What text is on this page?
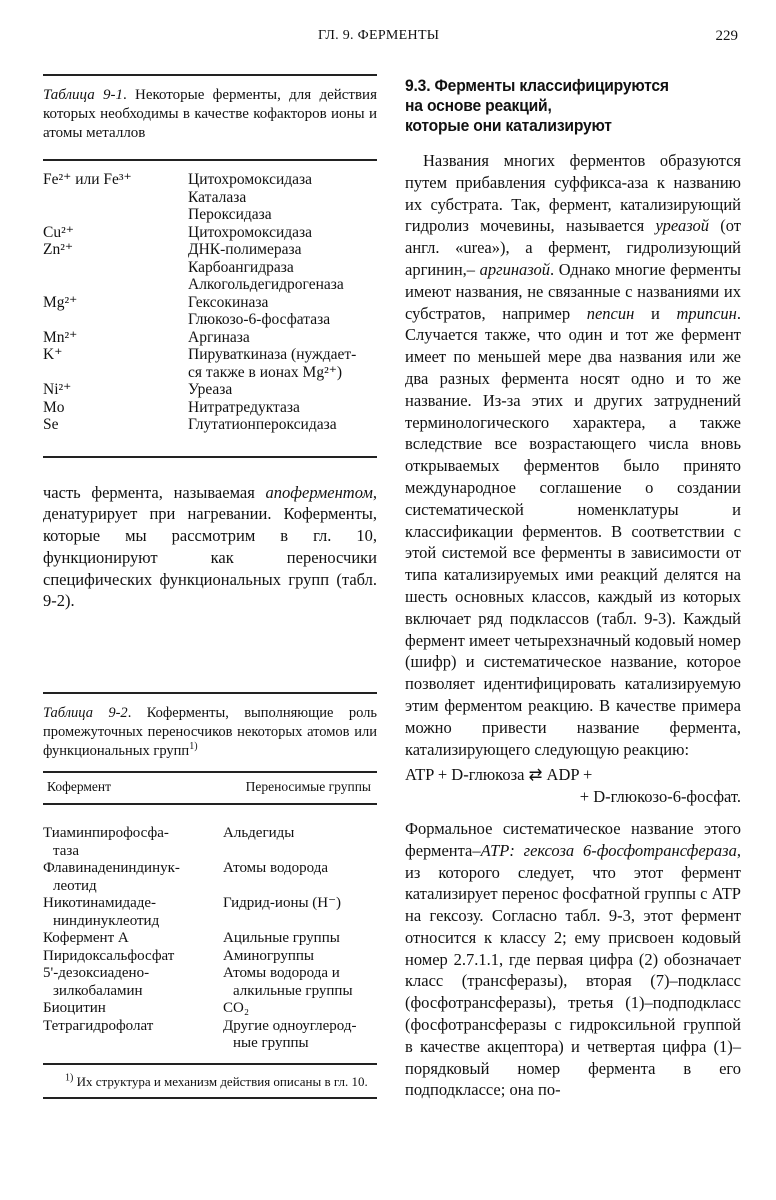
ГЛ. 9. ФЕРМЕНТЫ	229
Таблица 9-1. Некоторые ферменты, для действия которых необходимы в качестве кофакторов ионы и атомы металлов
Fe²⁺ или Fe³⁺	Цитохромоксидаза
	Каталаза
	Пероксидаза
Cu²⁺	Цитохромоксидаза
Zn²⁺	ДНК-полимераза
	Карбоангидраза
	Алкогольдегидрогеназа
Mg²⁺	Гексокиназа
	Глюкозо-6-фосфатаза
Mn²⁺	Аргиназа
K⁺	Пируваткиназа (нуждает-
	ся также в ионах Mg²⁺)
Ni²⁺	Уреаза
Mo	Нитратредуктаза
Se	Глутатионпероксидаза
часть фермента, называемая апоферментом, денатурирует при нагревании. Коферменты, которые мы рассмотрим в гл. 10, функционируют как переносчики специфических функциональных групп (табл. 9-2).
Таблица 9-2. Коферменты, выполняющие роль промежуточных переносчиков некоторых атомов или функциональных групп$^{1)}$
Кофермент	Переносимые группы
Тиаминпирофосфа-
таза	Альдегиды

Флавинадениндинук-
леотид	Атомы водорода

Никотинамидаде-
ниндинуклеотид	Гидрид-ионы (Н⁻)

Кофермент А	Ацильные группы

Пиридоксальфосфат	Аминогруппы

5'-дезоксиадено-
зилкобаламин	Атомы водорода и
алкильные группы

Биоцитин	CO₂

Тетрагидрофолат	Другие одноуглерод-
ные группы
$^{1)}$ Их структура и механизм действия описаны в гл. 10.
9.3. Ферменты классифицируются
на основе реакций,
которые они катализируют
Названия многих ферментов образуются путем прибавления суффикса-аза к названию их субстрата. Так, фермент, катализирующий гидролиз мочевины, называется уреазой (от англ. «urea»), а фермент, гидролизующий аргинин,– аргиназой. Однако многие ферменты имеют названия, не связанные с названиями их субстратов, например пепсин и трипсин. Случается также, что один и тот же фермент имеет по меньшей мере два названия или же два разных фермента носят одно и то же название. Из-за этих и других затруднений терминологического характера, а также вследствие все возрастающего числа вновь открываемых ферментов было принято международное соглашение о создании систематической номенклатуры и классификации ферментов. В соответствии с этой системой все ферменты в зависимости от типа катализируемых ими реакций делятся на шесть основных классов, каждый из которых включает ряд подклассов (табл. 9-3). Каждый фермент имеет четырехзначный кодовый номер (шифр) и систематическое название, которое позволяет идентифицировать катализируемую этим ферментом реакцию. В качестве примера можно привести название фермента, катализирующего следующую реакцию:
ATP + D-глюкоза ⇄ ADP +
+ D-глюкозо-6-фосфат.
Формальное систематическое название этого фермента–ATP: гексоза 6-фосфотрансфераза, из которого следует, что этот фермент катализирует перенос фосфатной группы с ATP на гексозу. Согласно табл. 9-3, этот фермент относится к классу 2; ему присвоен кодовый номер 2.7.1.1, где первая цифра (2) обозначает класс (трансферазы), вторая (7)–подкласс (фосфотрансферазы), третья (1)–подподкласс (фосфотрансферазы с гидроксильной группой в качестве акцептора) и четвертая цифра (1)–порядковый номер фермента в его подподклассе; она по-
